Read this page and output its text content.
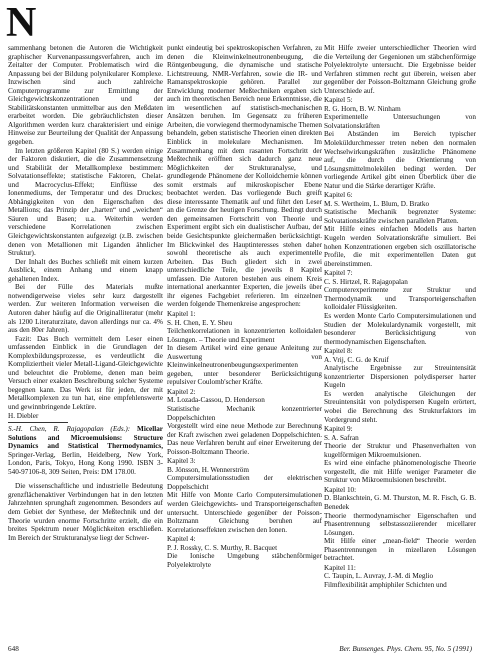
N

sammenhang betonen die Autoren die Wichtigkeit graphischer Kurvenanpassungsverfahren, auch im Zeitalter der Computer. Problematisch wird die Anpassung bei der Bildung polynikularer Komplexe. Inzwischen sind auch zahlreiche Computerprogramme zur Ermittlung der Gleichgewichtskonzentrationen und der Stabilitätskonstanten unmittelbar aus den Meßdaten erarbeitet worden. Die gebräuchlichsten dieser Algorithmen werden kurz charakterisiert und einige Hinweise zur Beurteilung der Qualität der Anpassung gegeben.

Im letzten größeren Kapitel (80 S.) werden einige der Faktoren diskutiert, die die Zusammensetzung und Stabilität der Metallkomplexe bestimmen: Solvatationseffekte; statistische Faktoren, Chelat- und Macrocyclus-Effekt; Einflüsse des Ionenmediums, der Temperatur und des Druckes; Abhängigkeiten von den Eigenschaften des Metallions; das Prinzip der „harten“ und „weichen“ Säuren und Basen; u.a. Weiterhin werden verschiedene Korrelationen zwischen Gleichgewichtskonstanten aufgezeigt (z.B. zwischen denen von Metallionen mit Liganden ähnlicher Struktur).

Der Inhalt des Buches schließt mit einem kurzen Ausblick, einem Anhang und einem knapp gehaltenen Index.

Bei der Fülle des Materials mußte notwendigerweise vieles sehr kurz dargestellt werden. Zur weiteren Information verweisen die Autoren daher häufig auf die Originalliteratur (mehr als 1200 Literaturzitate, davon allerdings nur ca. 4% aus den 80er Jahren).

Fazit: Das Buch vermittelt dem Leser einen umfassenden Einblick in die Grundlagen der Komplexbildungsprozesse, es verdeutlicht die Kompliziertheit vieler Metall-Ligand-Gleichgewichte und beleuchtet die Probleme, denen man beim Versuch einer exakten Beschreibung solcher Systeme begegnen kann. Das Werk ist für jeden, der mit Metallkomplexen zu tun hat, eine empfehlenswerte und gewinnbringende Lektüre.

H. Diebler

S.-H. Chen, R. Rajagopalan (Eds.): Micellar Solutions and Microemulsions: Structure Dynamics and Statistical Thermodynamics, Springer-Verlag, Berlin, Heidelberg, New York, London, Paris, Tokyo, Hong Kong 1990. ISBN 3-540-97106-8, 309 Seiten, Preis: DM 178.00.

Die wissenschaftliche und industrielle Bedeutung grenzflächenaktiver Verbindungen hat in den letzten Jahrzehnten sprunghaft zugenommen. Besonders auf dem Gebiet der Synthese, der Meßtechnik und der Theorie wurden enorme Fortschritte erzielt, die ein breites Spektrum neuer Möglichkeiten erschließen. Im Bereich der Strukturanalyse liegt der Schwer-

punkt eindeutig bei spektroskopischen Verfahren, zu denen die Kleinwinkelneutronenbeugung, die Röntgenbeugung, die dynamische und statische Lichtstreuung, NMR-Verfahren, sowie die IR- und Ramanspektroskopie gehören. Parallel zur Entwicklung moderner Meßtechniken ergaben sich auch im theoretischen Bereich neue Erkenntnisse, die im wesentlichen auf statistisch-mechanischen Ansätzen beruhen. Im Gegensatz zu früheren Arbeiten, die vorwiegend thermodynamische Themen behandeln, geben statistische Theorien einen direkten Einblick in molekulare Mechanismen. Im Zusammenhang mit dem rasanten Fortschritt der Meßtechnik eröffnen sich dadurch ganz neue Möglichkeiten der Strukturanalyse, und grundlegende Phänomene der Kolloidchemie können somit erstmals auf mikroskopischer Ebene beobachtet werden. Das vorliegende Buch greift diese interessante Thematik auf und führt den Leser an die Grenze der heutigen Forschung. Bedingt durch den gemeinsamen Fortschritt von Theorie und Experiment ergibt sich ein dualistischer Aufbau, der beide Gesichtspunkte gleichermaßen berücksichtigt. Im Blickwinkel des Hauptinteresses stehen daher sowohl theoretische als auch experimentelle Arbeiten. Das Buch gliedert sich in zwei unterschiedliche Teile, die jeweils 8 Kapitel umfassen. Die Autoren bestehen aus einem Kreis international anerkannter Experten, die jeweils über ihr eigenes Fachgebiet referieren. Im einzelnen werden folgende Themenkreise angesprochen:

Kapitel 1:

S. H. Chen, E. Y. Sheu

Teilchenkorrelationen in konzentrierten kolloidalen Lösungen. – Theorie und Experiment

In diesem Artikel wird eine genaue Anleitung zur Auswertung von Kleinwinkelneutronenbeugungsexperimenten gegeben, unter besonderer Berücksichtigung repulsiver Coulomb'scher Kräfte.

Kapitel 2:

M. Lozada-Cassou, D. Henderson

Statistische Mechanik konzentrierter Doppelschichten

Vorgestellt wird eine neue Methode zur Berechnung der Kraft zwischen zwei geladenen Doppelschichten. Das neue Verfahren beruht auf einer Erweiterung der Poisson-Boltzmann Theorie.

Kapitel 3:

B. Jönsson, H. Wennerström

Computersimulationsstudien der elektrischen Doppelschicht

Mit Hilfe von Monte Carlo Computersimulationen werden Gleichgewichts- und Transporteigenschaften untersucht. Unterschiede gegenüber der Poisson-Boltzmann Gleichung beruhen auf Korrelationseffekten zwischen den Ionen.

Kapitel 4:

P. J. Rossky, C. S. Murthy, R. Bacquet

Die Ionische Umgebung stäbchenförmiger Polyelektrolyte

Mit Hilfe zweier unterschiedlicher Theorien wird die Verteilung der Gegenionen um stäbchenförmige Polyelektrolyte untersucht. Die Ergebnisse beider Verfahren stimmen recht gut überein, weisen aber gegenüber der Poisson-Boltzmann Gleichung große Unterschiede auf.

Kapitel 5:

R. G. Horn, B. W. Ninham

Experimentelle Untersuchungen von Solvatationskräften

Bei Abständen im Bereich typischer Moleküldurchmesser treten neben den normalen Wechselwirkungskräften zusätzliche Phänomene auf, die durch die Orientierung von Lösungsmittelmolekülen bedingt werden. Der vorliegende Artikel gibt einen Überblick über die Natur und die Stärke derartiger Kräfte.

Kapitel 6:

M. S. Wertheim, L. Blum, D. Bratko

Statistische Mechanik begrenzter Systeme: Solvatationskräfte zwischen parallelen Platten.

Mit Hilfe eines einfachen Modells aus harten Kugeln werden Solvatationskräfte simuliert. Bei hohen Konzentrationen ergeben sich oszillatorische Profile, die mit experimentellen Daten gut übereinstimmen.

Kapitel 7:

C. S. Hirtzel, R. Rajagopalan

Computerexperimente zur Struktur und Thermodynamik und Transporteigenschaften kolloidaler Flüssigkeiten.

Es werden Monte Carlo Computersimulationen und Studien der Molekulardynamik vorgestellt, mit besonderer Berücksichtigung von thermodynamischen Eigenschaften.

Kapitel 8:

A. Vrij, C. G. de Kruif

Analytische Ergebnisse zur Streuintensität konzentrierter Dispersionen polydisperser harter Kugeln

Es werden analytische Gleichungen der Streuintensität von polydispersen Kugeln erörtert, wobei die Berechnung des Strukturfaktors im Vordergrund steht.

Kapitel 9:

S. A. Safran

Theorie der Struktur und Phasenverhalten von kugelförmigen Mikroemulsionen.

Es wird eine einfache phänomenologische Theorie vorgestellt, die mit Hilfe weniger Parameter die Struktur von Mikroemulsionen beschreibt.

Kapitel 10:

D. Blankschtein, G. M. Thurston, M. R. Fisch, G. B. Benedek

Theorie thermodynamischer Eigenschaften und Phasentrennung selbstassoziierender micellarer Lösungen.

Mit Hilfe einer „mean-field“ Theorie werden Phasentrennungen in mizellaren Lösungen betrachtet.

Kapitel 11:

C. Taupin, L. Auvray, J.-M. di Meglio

Filmflexibilität amphiphiler Schichten und

648	Ber. Bunsenges. Phys. Chem. 95, No. 5 (1991)
